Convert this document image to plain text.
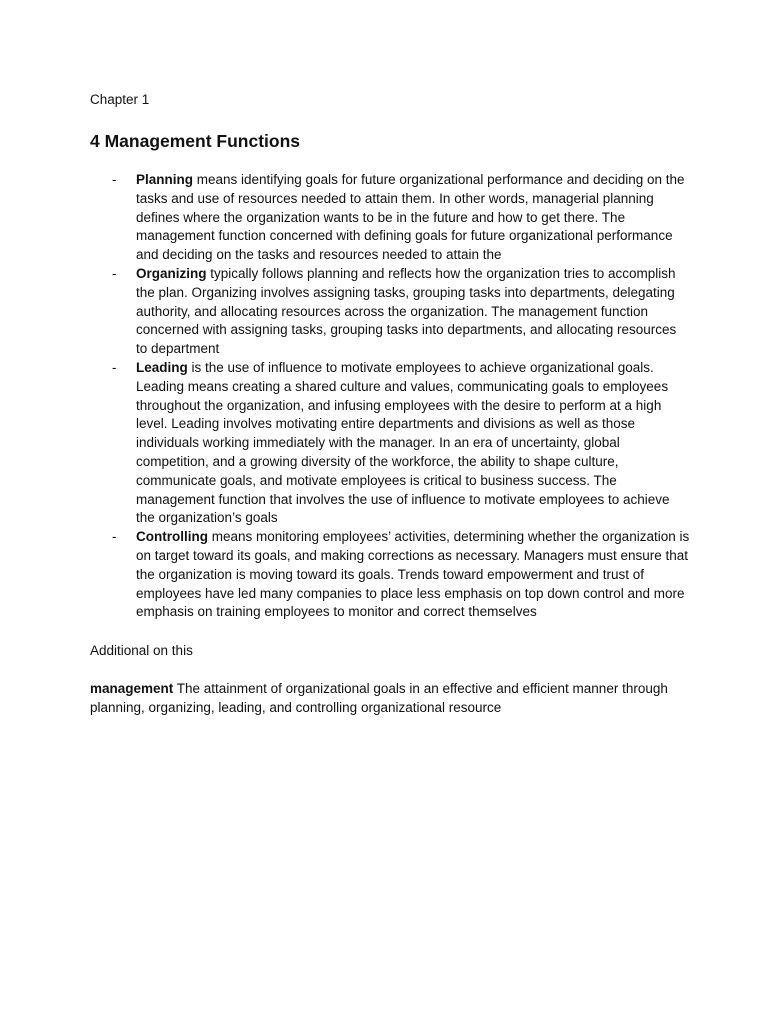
Chapter 1

4 Management Functions
- Planning means identifying goals for future organizational performance and deciding on the tasks and use of resources needed to attain them. In other words, managerial planning defines where the organization wants to be in the future and how to get there. The management function concerned with defining goals for future organizational performance and deciding on the tasks and resources needed to attain the
- Organizing typically follows planning and reflects how the organization tries to accomplish the plan. Organizing involves assigning tasks, grouping tasks into departments, delegating authority, and allocating resources across the organization. The management function concerned with assigning tasks, grouping tasks into departments, and allocating resources to department
- Leading is the use of influence to motivate employees to achieve organizational goals. Leading means creating a shared culture and values, communicating goals to employees throughout the organization, and infusing employees with the desire to perform at a high level. Leading involves motivating entire departments and divisions as well as those individuals working immediately with the manager. In an era of uncertainty, global competition, and a growing diversity of the workforce, the ability to shape culture, communicate goals, and motivate employees is critical to business success. The management function that involves the use of influence to motivate employees to achieve the organization’s goals
- Controlling means monitoring employees’ activities, determining whether the organization is on target toward its goals, and making corrections as necessary. Managers must ensure that the organization is moving toward its goals. Trends toward empowerment and trust of employees have led many companies to place less emphasis on top down control and more emphasis on training employees to monitor and correct themselves

Additional on this

management The attainment of organizational goals in an effective and efficient manner through planning, organizing, leading, and controlling organizational resource
